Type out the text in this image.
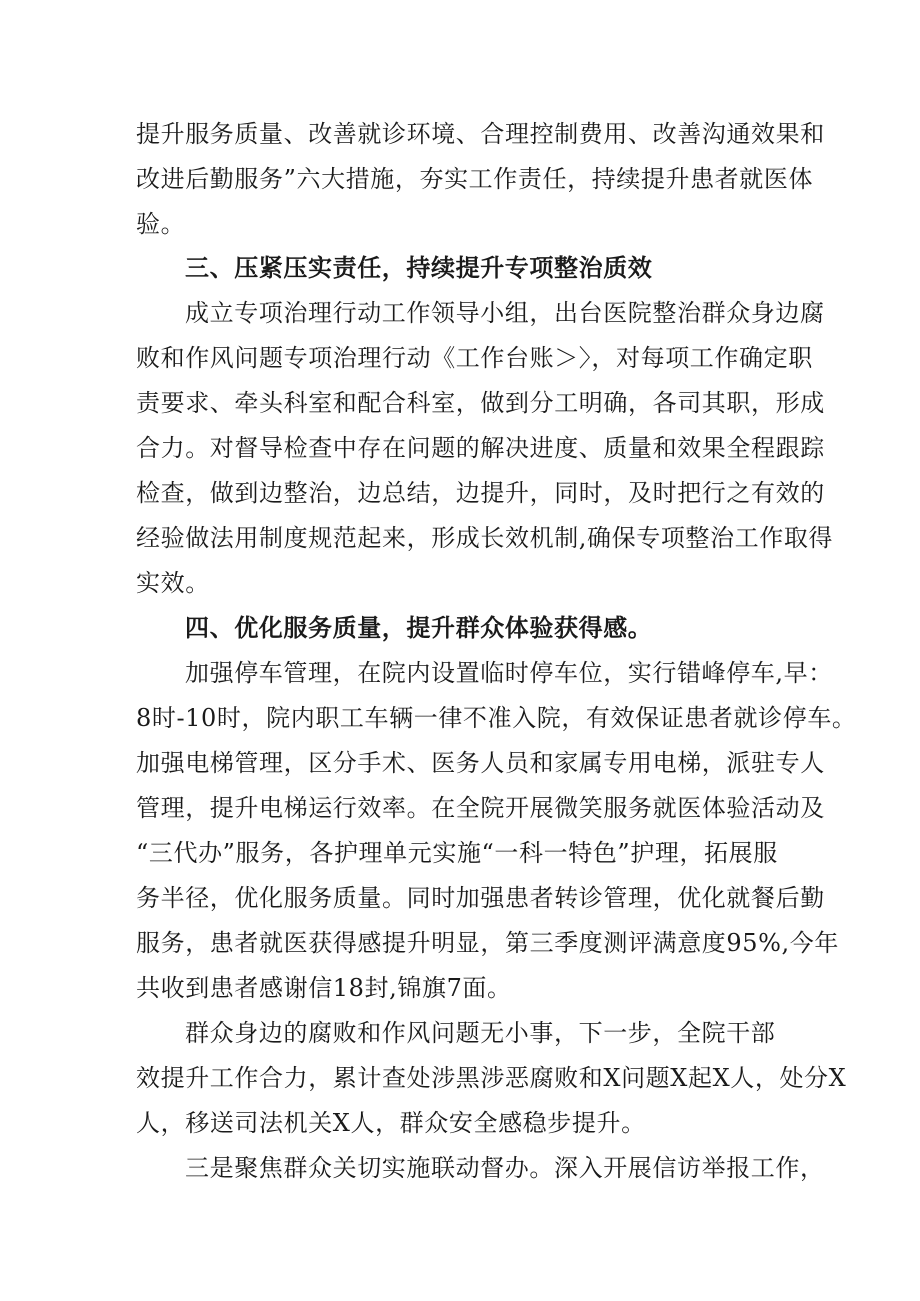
提升服务质量、改善就诊环境、合理控制费用、改善沟通效果和
改进后勤服务”六大措施，夯实工作责任，持续提升患者就医体
验。
三、压紧压实责任，持续提升专项整治质效
成立专项治理行动工作领导小组，出台医院整治群众身边腐
败和作风问题专项治理行动《工作台账＞〉，对每项工作确定职
责要求、牵头科室和配合科室，做到分工明确，各司其职，形成
合力。对督导检查中存在问题的解决进度、质量和效果全程跟踪
检查，做到边整治，边总结，边提升，同时，及时把行之有效的
经验做法用制度规范起来，形成长效机制,确保专项整治工作取得
实效。
四、优化服务质量，提升群众体验获得感。
加强停车管理，在院内设置临时停车位，实行错峰停车,早：
8时-10时，院内职工车辆一律不准入院，有效保证患者就诊停车。
加强电梯管理，区分手术、医务人员和家属专用电梯，派驻专人
管理，提升电梯运行效率。在全院开展微笑服务就医体验活动及
“三代办”服务，各护理单元实施“一科一特色”护理，拓展服
务半径，优化服务质量。同时加强患者转诊管理，优化就餐后勤
服务，患者就医获得感提升明显，第三季度测评满意度95%,今年
共收到患者感谢信18封,锦旗7面。
群众身边的腐败和作风问题无小事，下一步，全院干部
效提升工作合力，累计查处涉黑涉恶腐败和X问题X起X人，处分X
人，移送司法机关X人，群众安全感稳步提升。
三是聚焦群众关切实施联动督办。深入开展信访举报工作，
